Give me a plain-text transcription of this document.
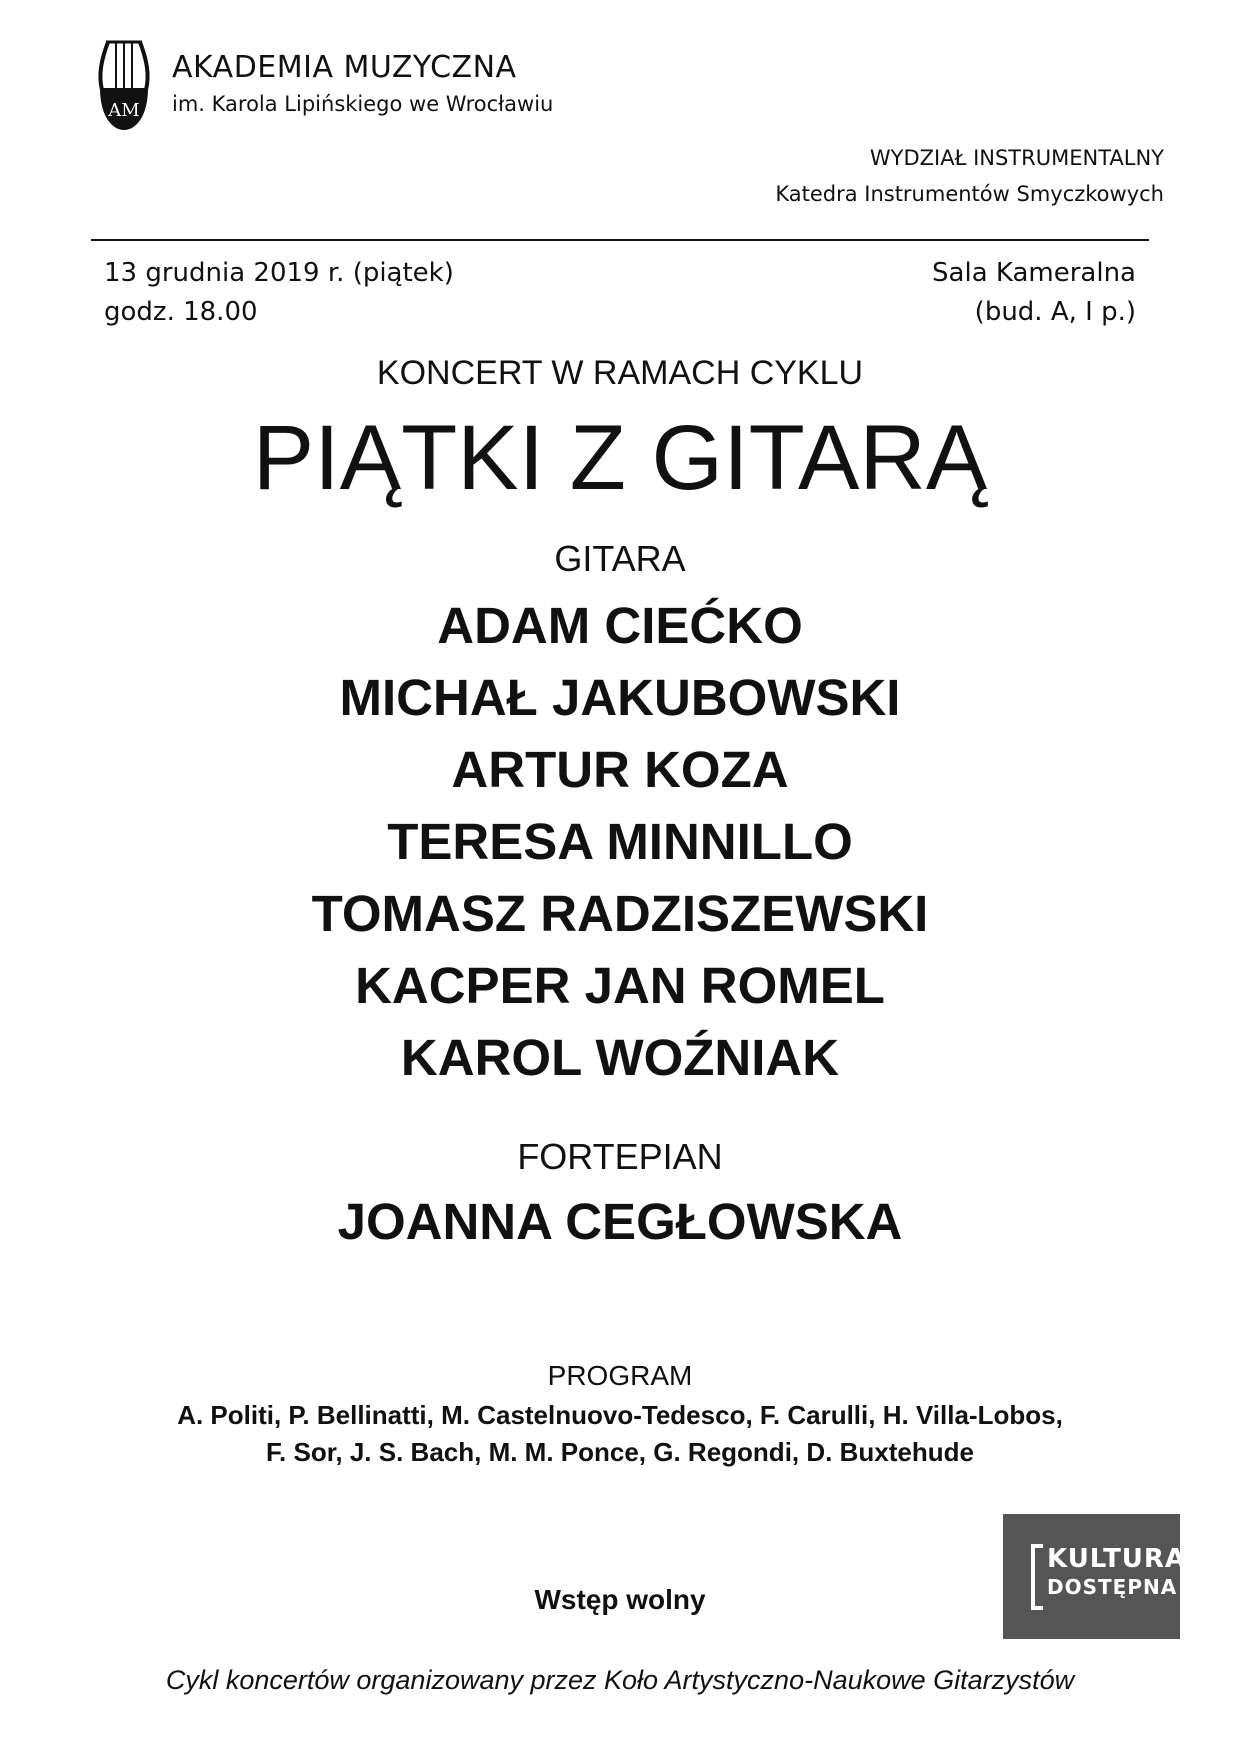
AM
AKADEMIA MUZYCZNA
im. Karola Lipińskiego we Wrocławiu
WYDZIAŁ INSTRUMENTALNY
Katedra Instrumentów Smyczkowych
13 grudnia 2019 r. (piątek)
godz. 18.00
Sala Kameralna
(bud. A, I p.)
KONCERT W RAMACH CYKLU
PIĄTKI Z GITARĄ
GITARA
ADAM CIEĆKO
MICHAŁ JAKUBOWSKI
ARTUR KOZA
TERESA MINNILLO
TOMASZ RADZISZEWSKI
KACPER JAN ROMEL
KAROL WOŹNIAK
FORTEPIAN
JOANNA CEGŁOWSKA
PROGRAM
A. Politi, P. Bellinatti, M. Castelnuovo-Tedesco, F. Carulli, H. Villa-Lobos,
F. Sor, J. S. Bach, M. M. Ponce, G. Regondi, D. Buxtehude
Wstęp wolny
KULTURA
DOSTĘPNA
Cykl koncertów organizowany przez Koło Artystyczno-Naukowe Gitarzystów
